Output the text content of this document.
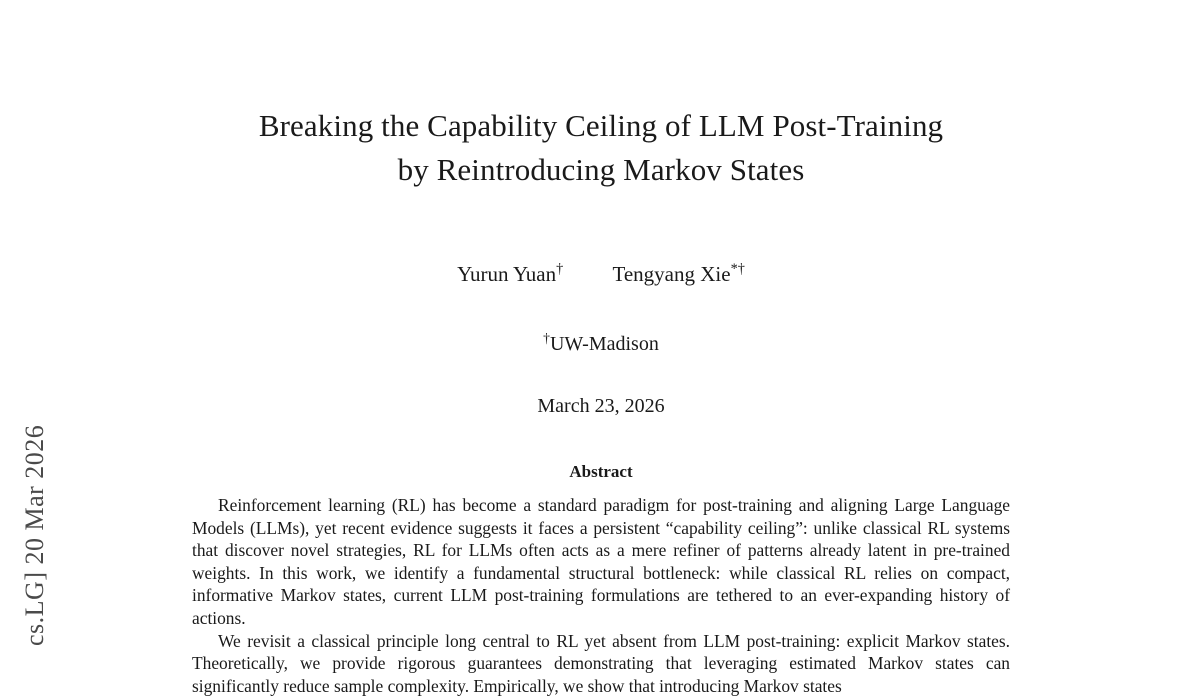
cs.LG] 20 Mar 2026
Breaking the Capability Ceiling of LLM Post-Training
by Reintroducing Markov States
Yurun Yuan† Tengyang Xie*†
†UW-Madison
March 23, 2026
Abstract

Reinforcement learning (RL) has become a standard paradigm for post-training and aligning Large Language Models (LLMs), yet recent evidence suggests it faces a persistent “capability ceiling”: unlike classical RL systems that discover novel strategies, RL for LLMs often acts as a mere refiner of patterns already latent in pre-trained weights. In this work, we identify a fundamental structural bottleneck: while classical RL relies on compact, informative Markov states, current LLM post-training formulations are tethered to an ever-expanding history of actions.

We revisit a classical principle long central to RL yet absent from LLM post-training: explicit Markov states. Theoretically, we provide rigorous guarantees demonstrating that leveraging estimated Markov states can significantly reduce sample complexity. Empirically, we show that introducing Markov states
